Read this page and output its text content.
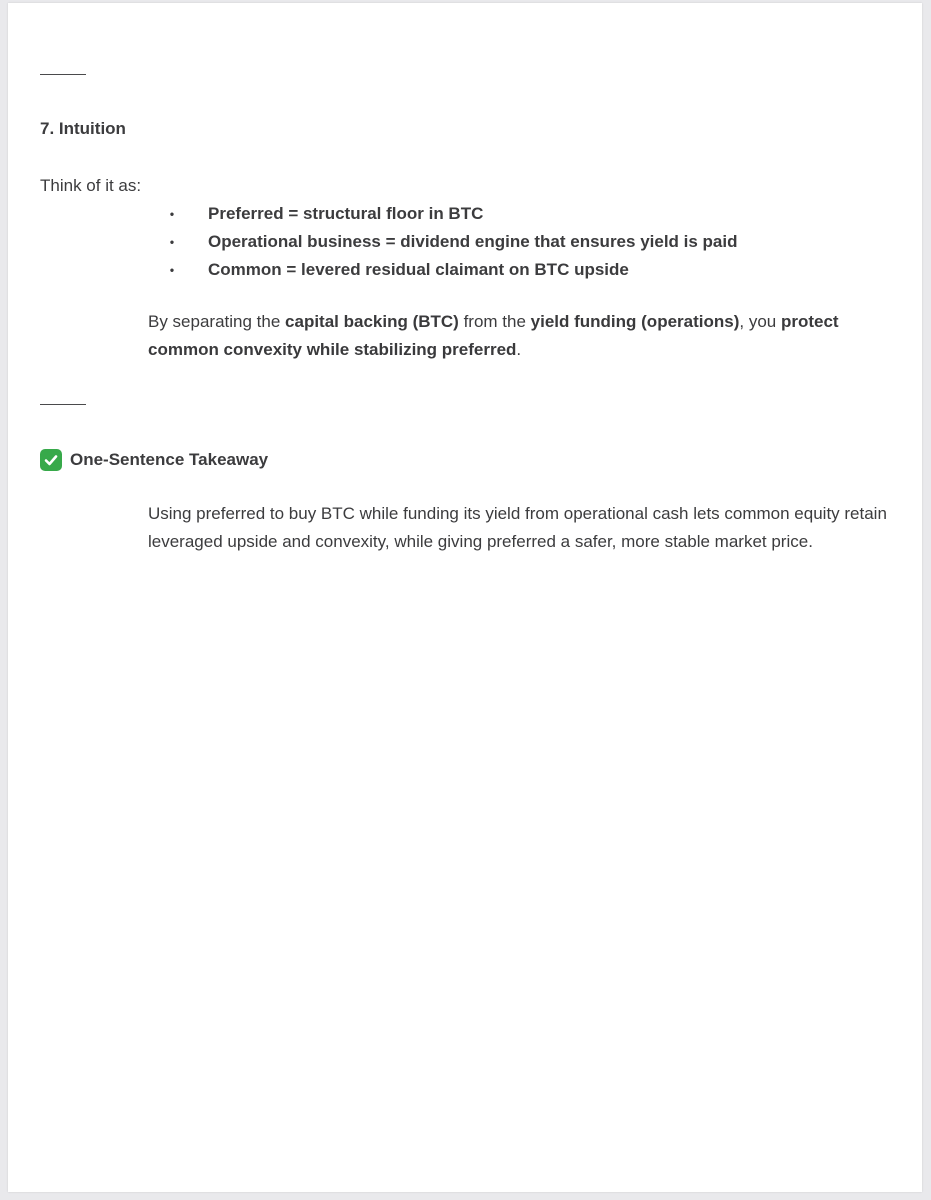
7. Intuition
Think of it as:
• Preferred = structural floor in BTC
• Operational business = dividend engine that ensures yield is paid
• Common = levered residual claimant on BTC upside

By separating the capital backing (BTC) from the yield funding (operations), you protect common convexity while stabilizing preferred.

One-Sentence Takeaway

Using preferred to buy BTC while funding its yield from operational cash lets common equity retain leveraged upside and convexity, while giving preferred a safer, more stable market price.
